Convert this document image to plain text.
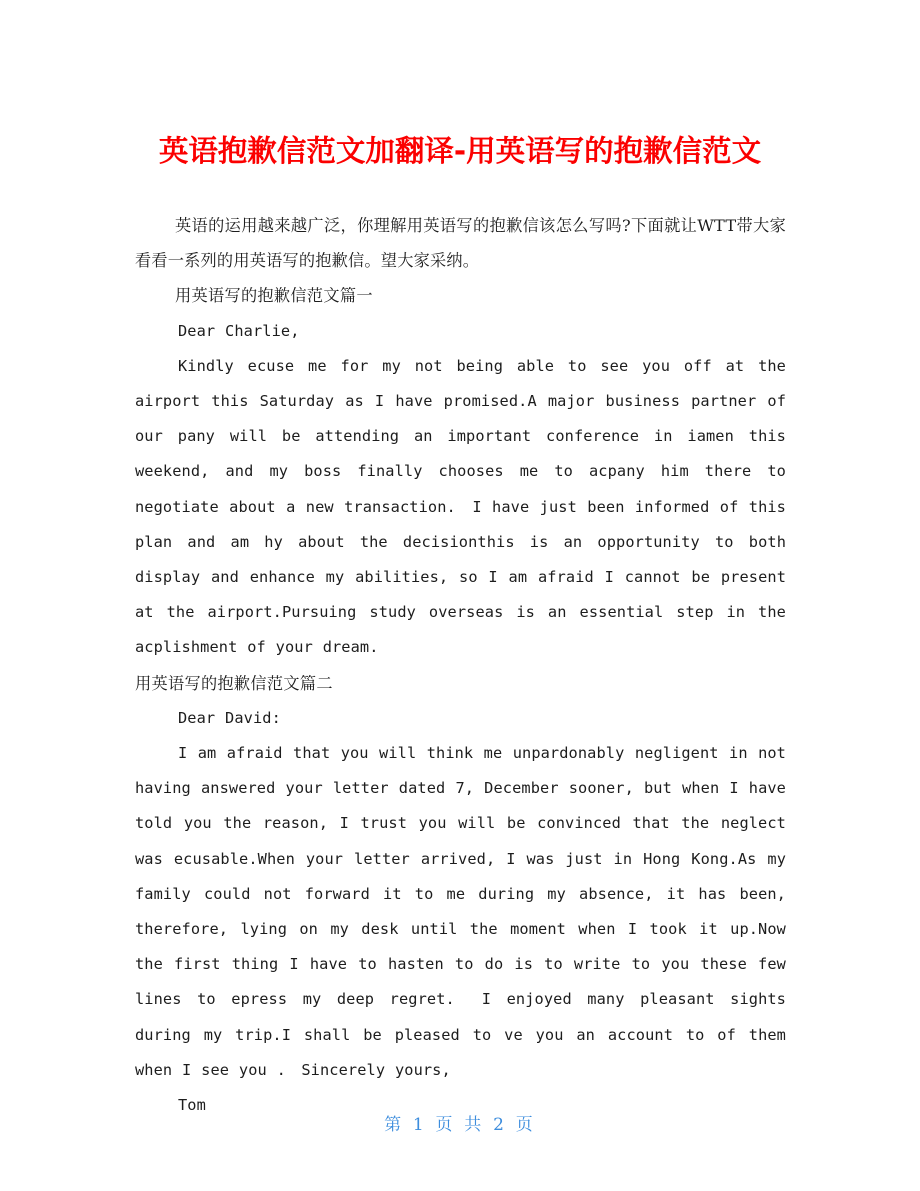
英语抱歉信范文加翻译-用英语写的抱歉信范文

英语的运用越来越广泛，你理解用英语写的抱歉信该怎么写吗?下面就让WTT带大家看看一系列的用英语写的抱歉信。望大家采纳。

用英语写的抱歉信范文篇一

Dear Charlie,

Kindly ecuse me for my not being able to see you off at the airport this Saturday as I have promised.A major business partner of our pany will be attending an important conference in iamen this weekend, and my boss finally chooses me to acpany him there to negotiate about a new transaction.　I have just been informed of this plan and am hy about the decisionthis is an opportunity to both display and enhance my abilities, so I am afraid I cannot be present at the airport.Pursuing study overseas is an essential step in the acplishment of your dream.

用英语写的抱歉信范文篇二

Dear David:

I am afraid that you will think me unpardonably negligent in not having answered your letter dated 7, December sooner, but when I have told you the reason, I trust you will be convinced that the neglect was ecusable.When your letter arrived, I was just in Hong Kong.As my family could not forward it to me during my absence, it has been, therefore, lying on my desk until the moment when I took it up.Now the first thing I have to hasten to do is to write to you these few lines to epress my deep regret.　I enjoyed many pleasant sights during my trip.I shall be pleased to ve you an account to of them when I see you .　Sincerely yours,

Tom

第 1 页 共 2 页
